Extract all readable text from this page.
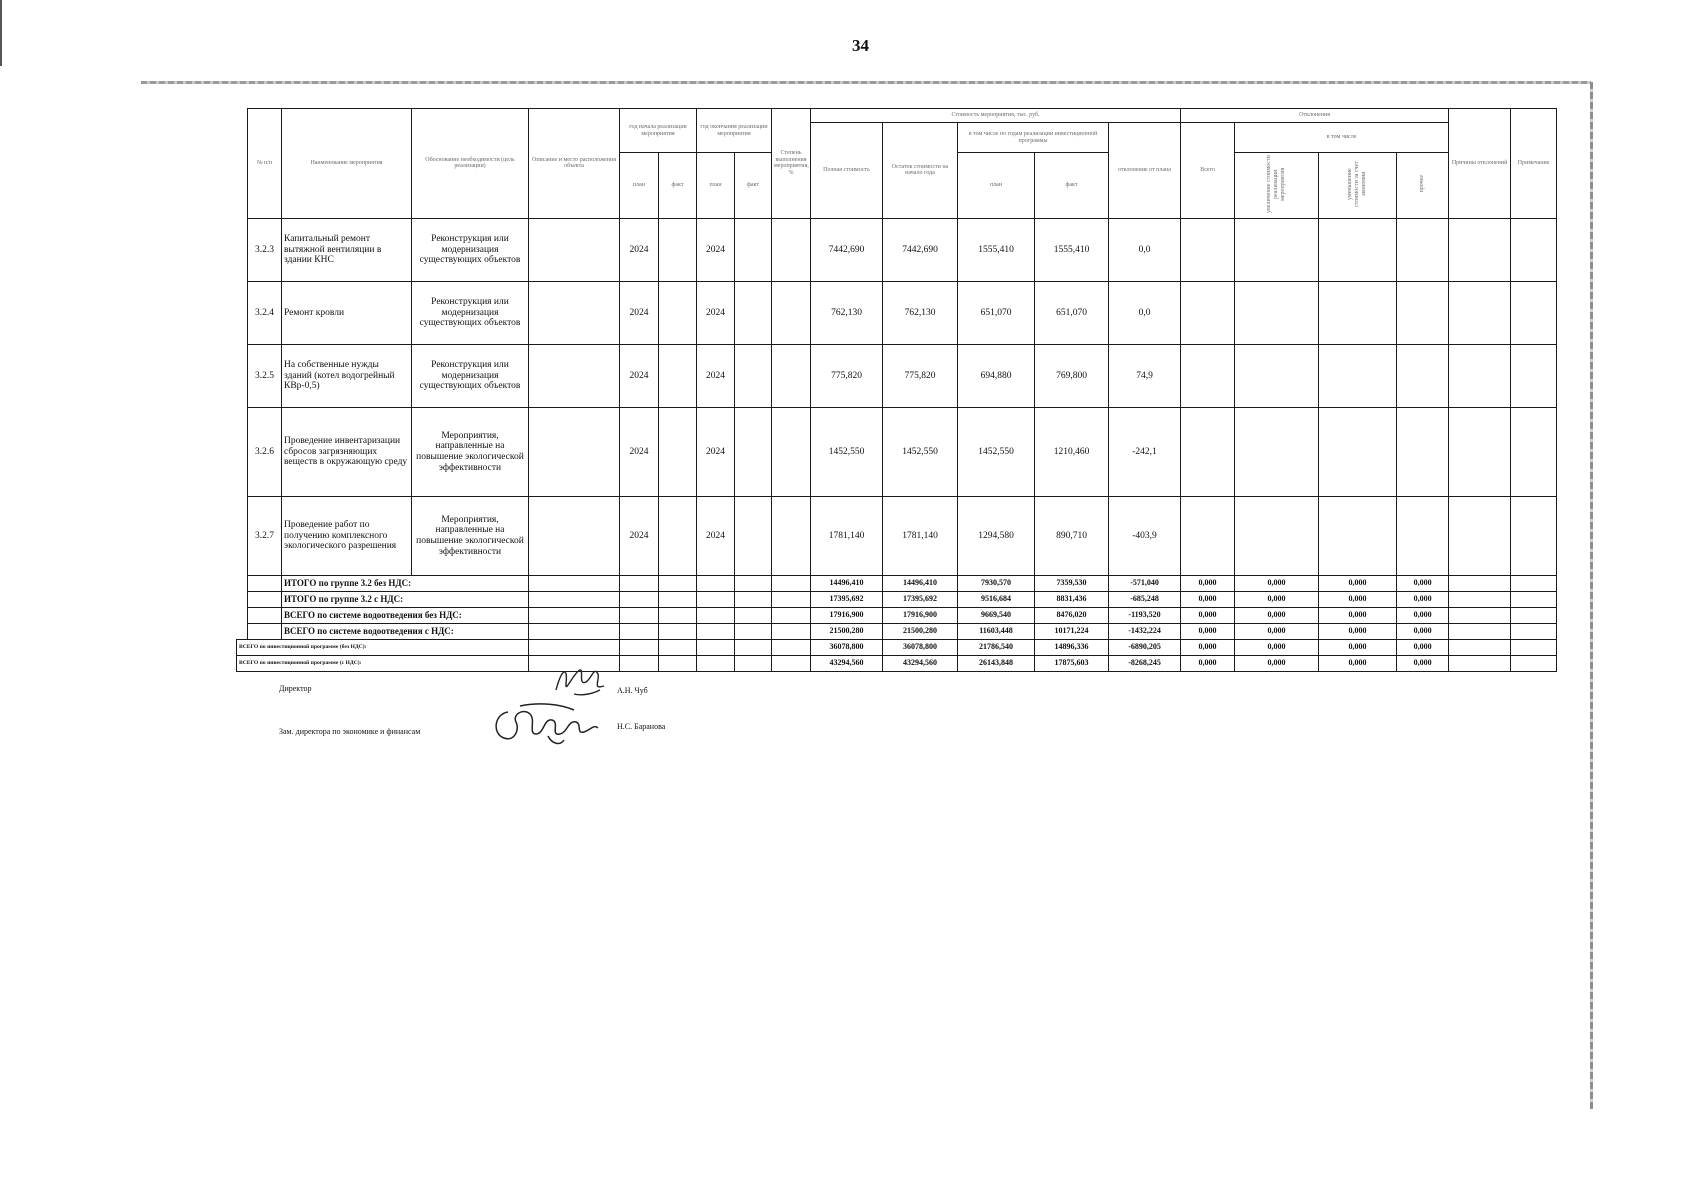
34
	№ п/п	Наименование мероприятия	Обоснование необходимости (цель реализации)	Описание и место расположения объекта	год начала реализации мероприятия		год окончания реализации мероприятия		Степень выполнения мероприятия, %	Стоимость мероприятия, тыс. руб.					Отклонения				Причины отклонений	Примечание
										Полная стоимость	Остаток стоимости на начало года	в том числе по годам реализации инвестиционной программы		отклонение от плана	Всего	в том числе				
					план	факт	план	факт				план	факт			увеличение стоимости реализации мероприятия	уменьшение стоимости за счет экономии	прочее		
	3.2.3	Капитальный ремонт вытяжной вентиляции в здании КНС	Реконструкция или модернизация существующих объектов		2024		2024			7442,690	7442,690	1555,410	1555,410	0,0						
	3.2.4	Ремонт кровли	Реконструкция или модернизация существующих объектов		2024		2024			762,130	762,130	651,070	651,070	0,0						
	3.2.5	На собственные нужды зданий (котел водогрейный КВр-0,5)	Реконструкция или модернизация существующих объектов		2024		2024			775,820	775,820	694,880	769,800	74,9						
	3.2.6	Проведение инвентаризации сбросов загрязняющих веществ в окружающую среду	Мероприятия, направленные на повышение экологической эффективности		2024		2024			1452,550	1452,550	1452,550	1210,460	-242,1						
	3.2.7	Проведение работ по получению комплексного экологического разрешения	Мероприятия, направленные на повышение экологической эффективности		2024		2024			1781,140	1781,140	1294,580	890,710	-403,9						
		ИТОГО по группе 3.2 без НДС:								14496,410	14496,410	7930,570	7359,530	-571,040	0,000	0,000	0,000	0,000		
		ИТОГО по группе 3.2 с НДС:								17395,692	17395,692	9516,684	8831,436	-685,248	0,000	0,000	0,000	0,000		
		ВСЕГО по системе водоотведения без НДС:								17916,900	17916,900	9669,540	8476,020	-1193,520	0,000	0,000	0,000	0,000		
		ВСЕГО по системе водоотведения с НДС:								21500,280	21500,280	11603,448	10171,224	-1432,224	0,000	0,000	0,000	0,000		
ВСЕГО по инвестиционной программе (без НДС):										36078,800	36078,800	21786,540	14896,336	-6890,205	0,000	0,000	0,000	0,000		
ВСЕГО по инвестиционной программе (с НДС):										43294,560	43294,560	26143,848	17875,603	-8268,245	0,000	0,000	0,000	0,000		
Директор	А.Н. Чуб
Зам. директора по экономике и финансам
Н.С. Баранова
